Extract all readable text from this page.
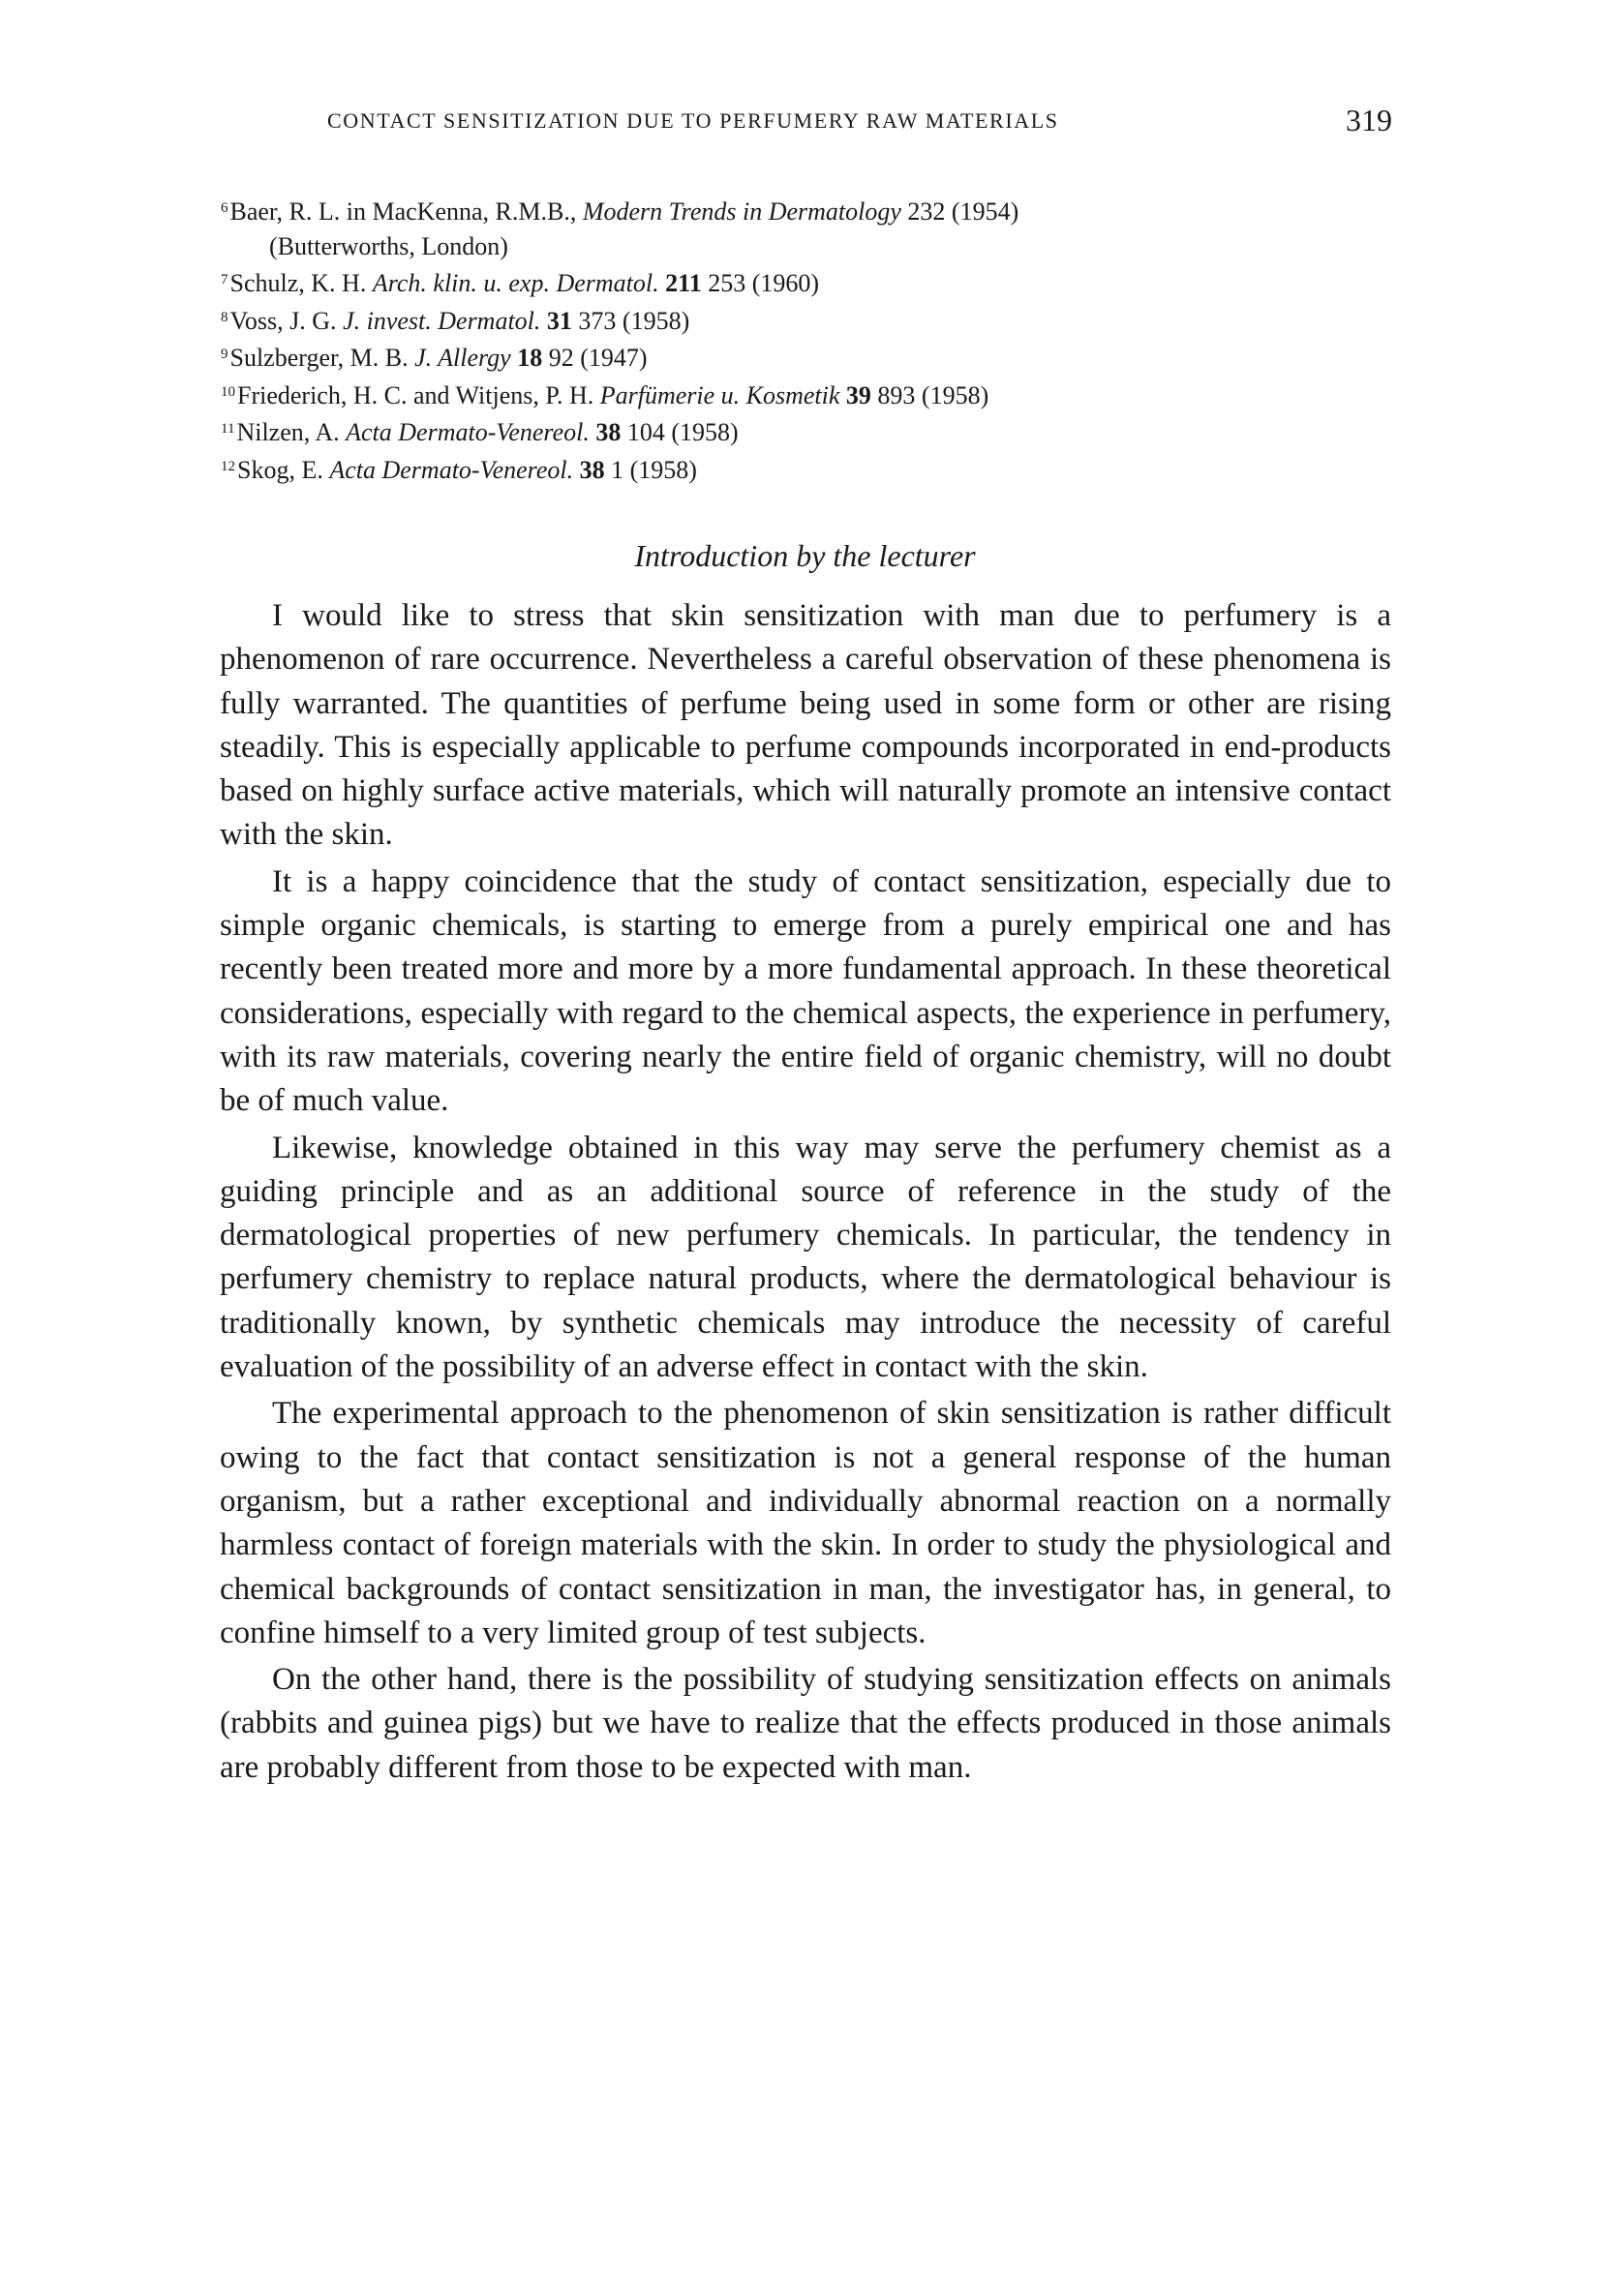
CONTACT SENSITIZATION DUE TO PERFUMERY RAW MATERIALS	319
$^6$Baer, R. L. in MacKenna, R.M.B., Modern Trends in Dermatology 232 (1954)
(Butterworths, London)
$^7$Schulz, K. H. Arch. klin. u. exp. Dermatol. 211 253 (1960)
$^8$Voss, J. G. J. invest. Dermatol. 31 373 (1958)
$^9$Sulzberger, M. B. J. Allergy 18 92 (1947)
$^{10}$Friederich, H. C. and Witjens, P. H. Parfümerie u. Kosmetik 39 893 (1958)
$^{11}$Nilzen, A. Acta Dermato-Venereol. 38 104 (1958)
$^{12}$Skog, E. Acta Dermato-Venereol. 38 1 (1958)
Introduction by the lecturer

I would like to stress that skin sensitization with man due to perfumery is a phenomenon of rare occurrence. Nevertheless a careful observation of these phenomena is fully warranted. The quantities of perfume being used in some form or other are rising steadily. This is especially applicable to perfume compounds incorporated in end-products based on highly surface active materials, which will naturally promote an intensive contact with the skin.

It is a happy coincidence that the study of contact sensitization, especially due to simple organic chemicals, is starting to emerge from a purely empirical one and has recently been treated more and more by a more fundamental approach. In these theoretical considerations, especially with regard to the chemical aspects, the experience in perfumery, with its raw materials, covering nearly the entire field of organic chemistry, will no doubt be of much value.

Likewise, knowledge obtained in this way may serve the perfumery chemist as a guiding principle and as an additional source of reference in the study of the dermatological properties of new perfumery chemicals. In particular, the tendency in perfumery chemistry to replace natural products, where the dermatological behaviour is traditionally known, by synthetic chemicals may introduce the necessity of careful evaluation of the possibility of an adverse effect in contact with the skin.

The experimental approach to the phenomenon of skin sensitization is rather difficult owing to the fact that contact sensitization is not a general response of the human organism, but a rather exceptional and individually abnormal reaction on a normally harmless contact of foreign materials with the skin. In order to study the physiological and chemical backgrounds of contact sensitization in man, the investigator has, in general, to confine himself to a very limited group of test subjects.

On the other hand, there is the possibility of studying sensitization effects on animals (rabbits and guinea pigs) but we have to realize that the effects produced in those animals are probably different from those to be expected with man.
